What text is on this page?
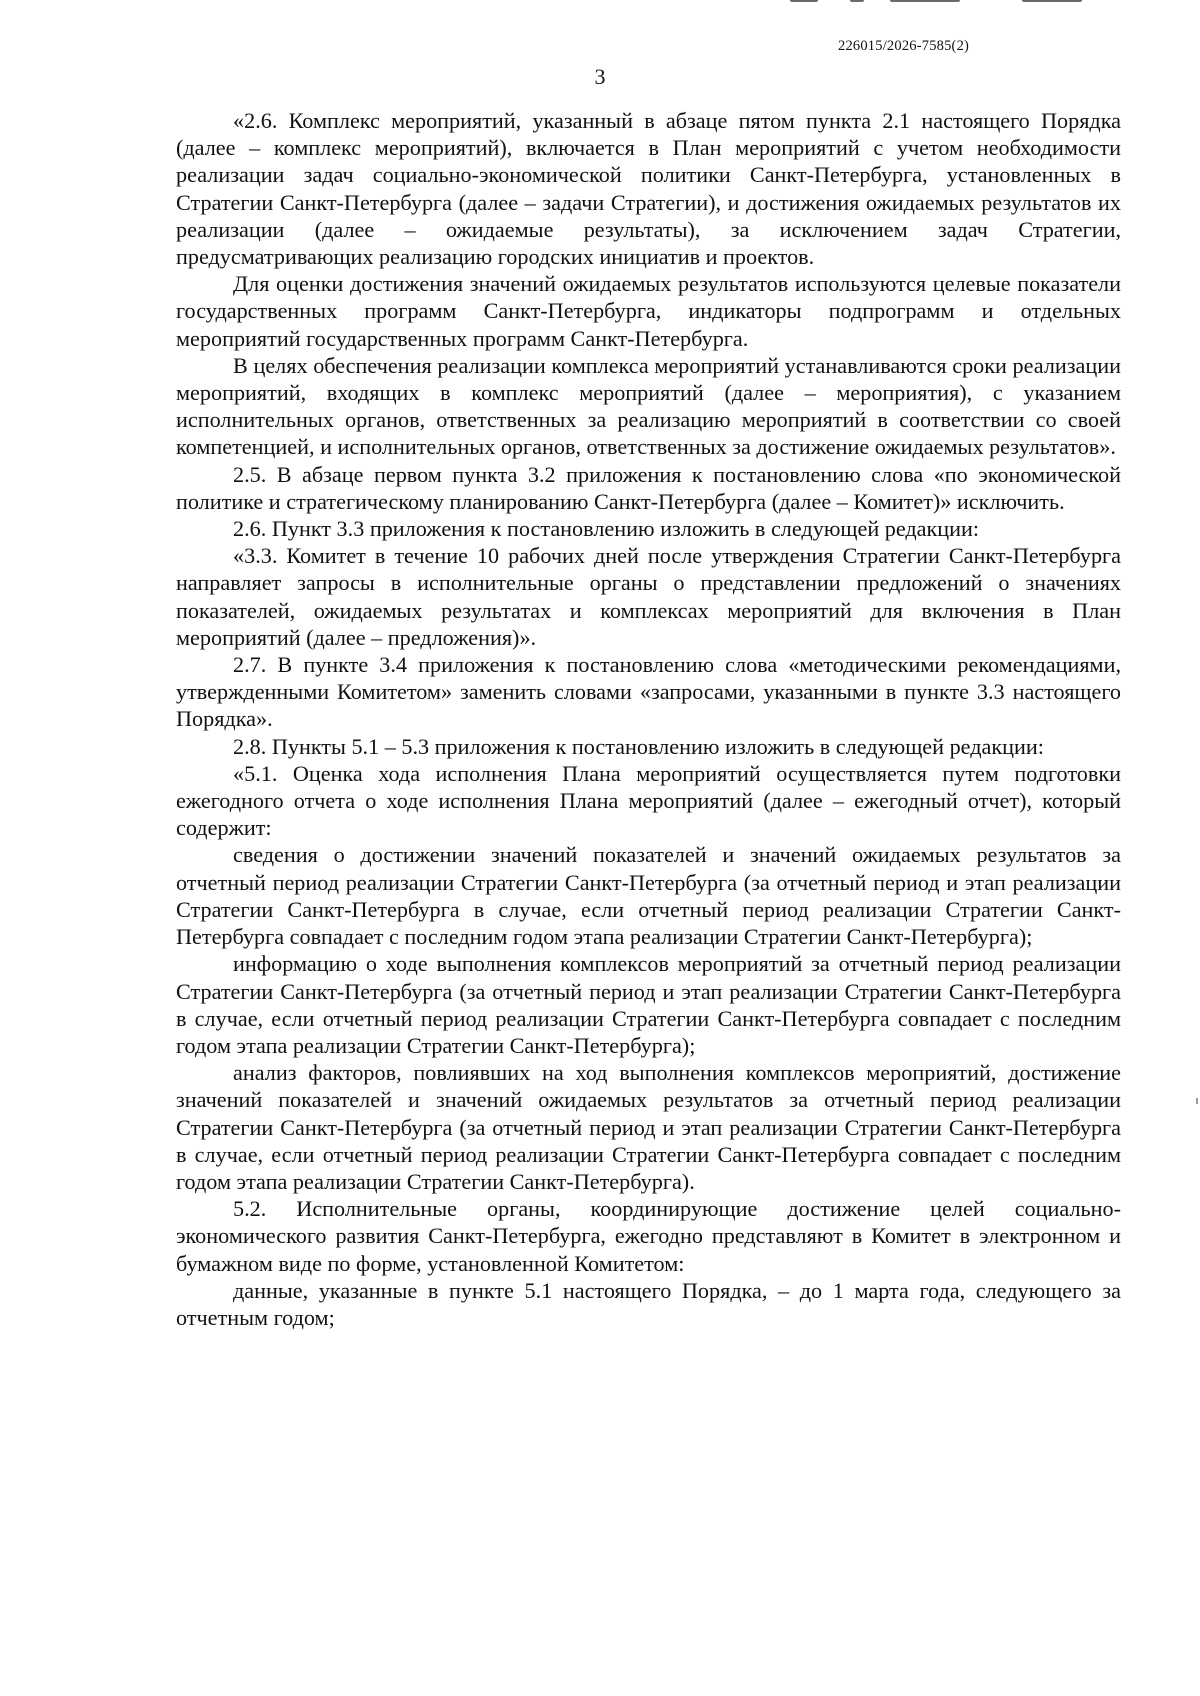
226015/2026-7585(2)
3

«2.6. Комплекс мероприятий, указанный в абзаце пятом пункта 2.1 настоящего Порядка (далее – комплекс мероприятий), включается в План мероприятий с учетом необходимости реализации задач социально-экономической политики Санкт-Петербурга, установленных в Стратегии Санкт-Петербурга (далее – задачи Стратегии), и достижения ожидаемых результатов их реализации (далее – ожидаемые результаты), за исключением задач Стратегии, предусматривающих реализацию городских инициатив и проектов.

Для оценки достижения значений ожидаемых результатов используются целевые показатели государственных программ Санкт-Петербурга, индикаторы подпрограмм и отдельных мероприятий государственных программ Санкт-Петербурга.

В целях обеспечения реализации комплекса мероприятий устанавливаются сроки реализации мероприятий, входящих в комплекс мероприятий (далее – мероприятия), с указанием исполнительных органов, ответственных за реализацию мероприятий в соответствии со своей компетенцией, и исполнительных органов, ответственных за достижение ожидаемых результатов».

2.5. В абзаце первом пункта 3.2 приложения к постановлению слова «по экономической политике и стратегическому планированию Санкт-Петербурга (далее – Комитет)» исключить.

2.6. Пункт 3.3 приложения к постановлению изложить в следующей редакции:

«3.3. Комитет в течение 10 рабочих дней после утверждения Стратегии Санкт-Петербурга направляет запросы в исполнительные органы о представлении предложений о значениях показателей, ожидаемых результатах и комплексах мероприятий для включения в План мероприятий (далее – предложения)».

2.7. В пункте 3.4 приложения к постановлению слова «методическими рекомендациями, утвержденными Комитетом» заменить словами «запросами, указанными в пункте 3.3 настоящего Порядка».

2.8. Пункты 5.1 – 5.3 приложения к постановлению изложить в следующей редакции:

«5.1. Оценка хода исполнения Плана мероприятий осуществляется путем подготовки ежегодного отчета о ходе исполнения Плана мероприятий (далее – ежегодный отчет), который содержит:

сведения о достижении значений показателей и значений ожидаемых результатов за отчетный период реализации Стратегии Санкт-Петербурга (за отчетный период и этап реализации Стратегии Санкт-Петербурга в случае, если отчетный период реализации Стратегии Санкт-Петербурга совпадает с последним годом этапа реализации Стратегии Санкт-Петербурга);

информацию о ходе выполнения комплексов мероприятий за отчетный период реализации Стратегии Санкт-Петербурга (за отчетный период и этап реализации Стратегии Санкт-Петербурга в случае, если отчетный период реализации Стратегии Санкт-Петербурга совпадает с последним годом этапа реализации Стратегии Санкт-Петербурга);

анализ факторов, повлиявших на ход выполнения комплексов мероприятий, достижение значений показателей и значений ожидаемых результатов за отчетный период реализации Стратегии Санкт-Петербурга (за отчетный период и этап реализации Стратегии Санкт-Петербурга в случае, если отчетный период реализации Стратегии Санкт-Петербурга совпадает с последним годом этапа реализации Стратегии Санкт-Петербурга).

5.2. Исполнительные органы, координирующие достижение целей социально-экономического развития Санкт-Петербурга, ежегодно представляют в Комитет в электронном и бумажном виде по форме, установленной Комитетом:

данные, указанные в пункте 5.1 настоящего Порядка, – до 1 марта года, следующего за отчетным годом;
